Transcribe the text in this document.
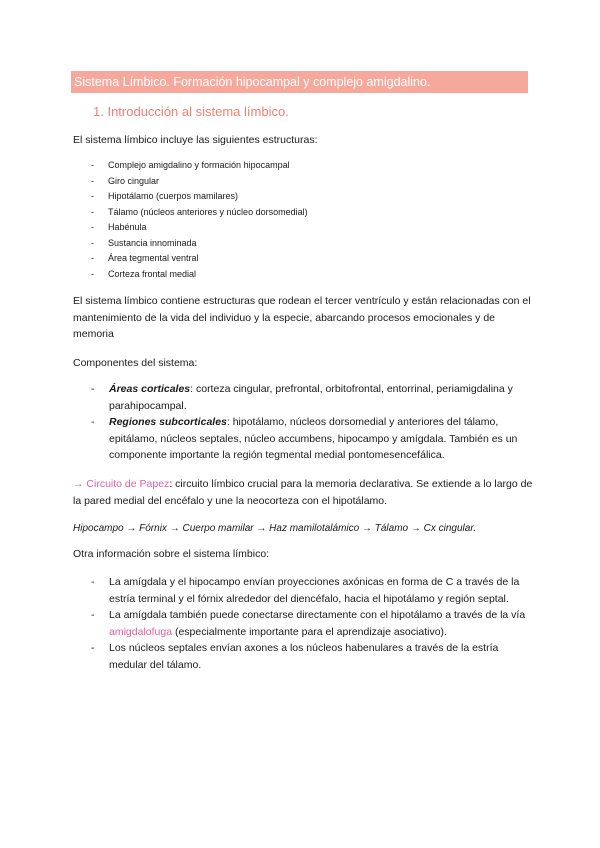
Sistema Límbico. Formación hipocampal y complejo amigdalino.
1. Introducción al sistema límbico.
El sistema límbico incluye las siguientes estructuras:
- Complejo amigdalino y formación hipocampal
- Giro cingular
- Hipotálamo (cuerpos mamilares)
- Tálamo (núcleos anteriores y núcleo dorsomedial)
- Habénula
- Sustancia innominada
- Área tegmental ventral
- Corteza frontal medial
El sistema límbico contiene estructuras que rodean el tercer ventrículo y están relacionadas con el mantenimiento de la vida del individuo y la especie, abarcando procesos emocionales y de memoria
Componentes del sistema:
- Áreas corticales: corteza cingular, prefrontal, orbitofrontal, entorrinal, periamigdalina y parahipocampal.
- Regiones subcorticales: hipotálamo, núcleos dorsomedial y anteriores del tálamo, epitálamo, núcleos septales, núcleo accumbens, hipocampo y amígdala. También es un componente importante la región tegmental medial pontomesencefálica.
→ Circuito de Papez: circuito límbico crucial para la memoria declarativa. Se extiende a lo largo de la pared medial del encéfalo y une la neocorteza con el hipotálamo.
Hipocampo → Fórnix → Cuerpo mamilar → Haz mamilotalámico → Tálamo → Cx cingular.
Otra información sobre el sistema límbico:
- La amígdala y el hipocampo envían proyecciones axónicas en forma de C a través de la estría terminal y el fórnix alrededor del diencéfalo, hacia el hipotálamo y región septal.
- La amígdala también puede conectarse directamente con el hipotálamo a través de la vía amigdalofuga (especialmente importante para el aprendizaje asociativo).
- Los núcleos septales envían axones a los núcleos habenulares a través de la estría medular del tálamo.
